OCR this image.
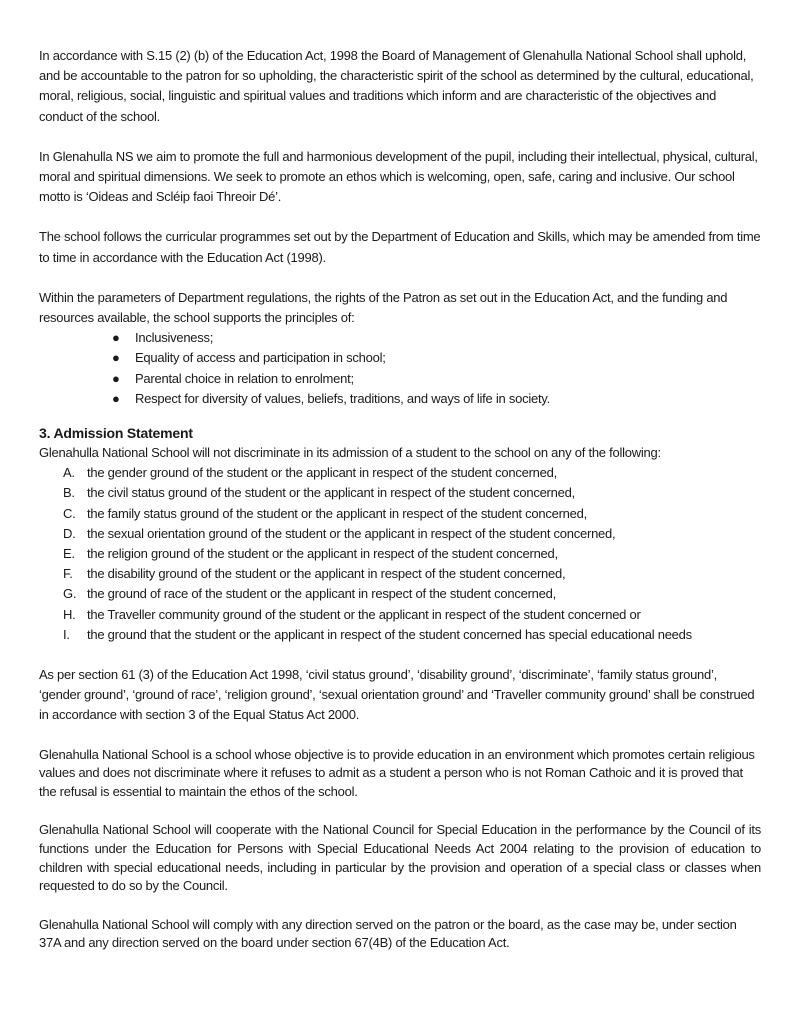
In accordance with S.15 (2) (b) of the Education Act, 1998 the Board of Management of Glenahulla National School shall uphold, and be accountable to the patron for so upholding, the characteristic spirit of the school as determined by the cultural, educational, moral, religious, social, linguistic and spiritual values and traditions which inform and are characteristic of the objectives and conduct of the school.

In Glenahulla NS we aim to promote the full and harmonious development of the pupil, including their intellectual, physical, cultural, moral and spiritual dimensions. We seek to promote an ethos which is welcoming, open, safe, caring and inclusive. Our school motto is ‘Oideas and Scléip faoi Threoir Dé’.

The school follows the curricular programmes set out by the Department of Education and Skills, which may be amended from time to time in accordance with the Education Act (1998).

Within the parameters of Department regulations, the rights of the Patron as set out in the Education Act, and the funding and resources available, the school supports the principles of:

● Inclusiveness;
● Equality of access and participation in school;
● Parental choice in relation to enrolment;
● Respect for diversity of values, beliefs, traditions, and ways of life in society.

3. Admission Statement

Glenahulla National School will not discriminate in its admission of a student to the school on any of the following:

A. the gender ground of the student or the applicant in respect of the student concerned,
B. the civil status ground of the student or the applicant in respect of the student concerned,
C. the family status ground of the student or the applicant in respect of the student concerned,
D. the sexual orientation ground of the student or the applicant in respect of the student concerned,
E. the religion ground of the student or the applicant in respect of the student concerned,
F. the disability ground of the student or the applicant in respect of the student concerned,
G. the ground of race of the student or the applicant in respect of the student concerned,
H. the Traveller community ground of the student or the applicant in respect of the student concerned or
I. the ground that the student or the applicant in respect of the student concerned has special educational needs

As per section 61 (3) of the Education Act 1998, ‘civil status ground’, ‘disability ground’, ‘discriminate’, ‘family status ground’, ‘gender ground’, ‘ground of race’, ‘religion ground’, ‘sexual orientation ground’ and ‘Traveller community ground’ shall be construed in accordance with section 3 of the Equal Status Act 2000.

Glenahulla National School is a school whose objective is to provide education in an environment which promotes certain religious values and does not discriminate where it refuses to admit as a student a person who is not Roman Cathoic and it is proved that the refusal is essential to maintain the ethos of the school.

Glenahulla National School will cooperate with the National Council for Special Education in the performance by the Council of its functions under the Education for Persons with Special Educational Needs Act 2004 relating to the provision of education to children with special educational needs, including in particular by the provision and operation of a special class or classes when requested to do so by the Council.

Glenahulla National School will comply with any direction served on the patron or the board, as the case may be, under section 37A and any direction served on the board under section 67(4B) of the Education Act.
